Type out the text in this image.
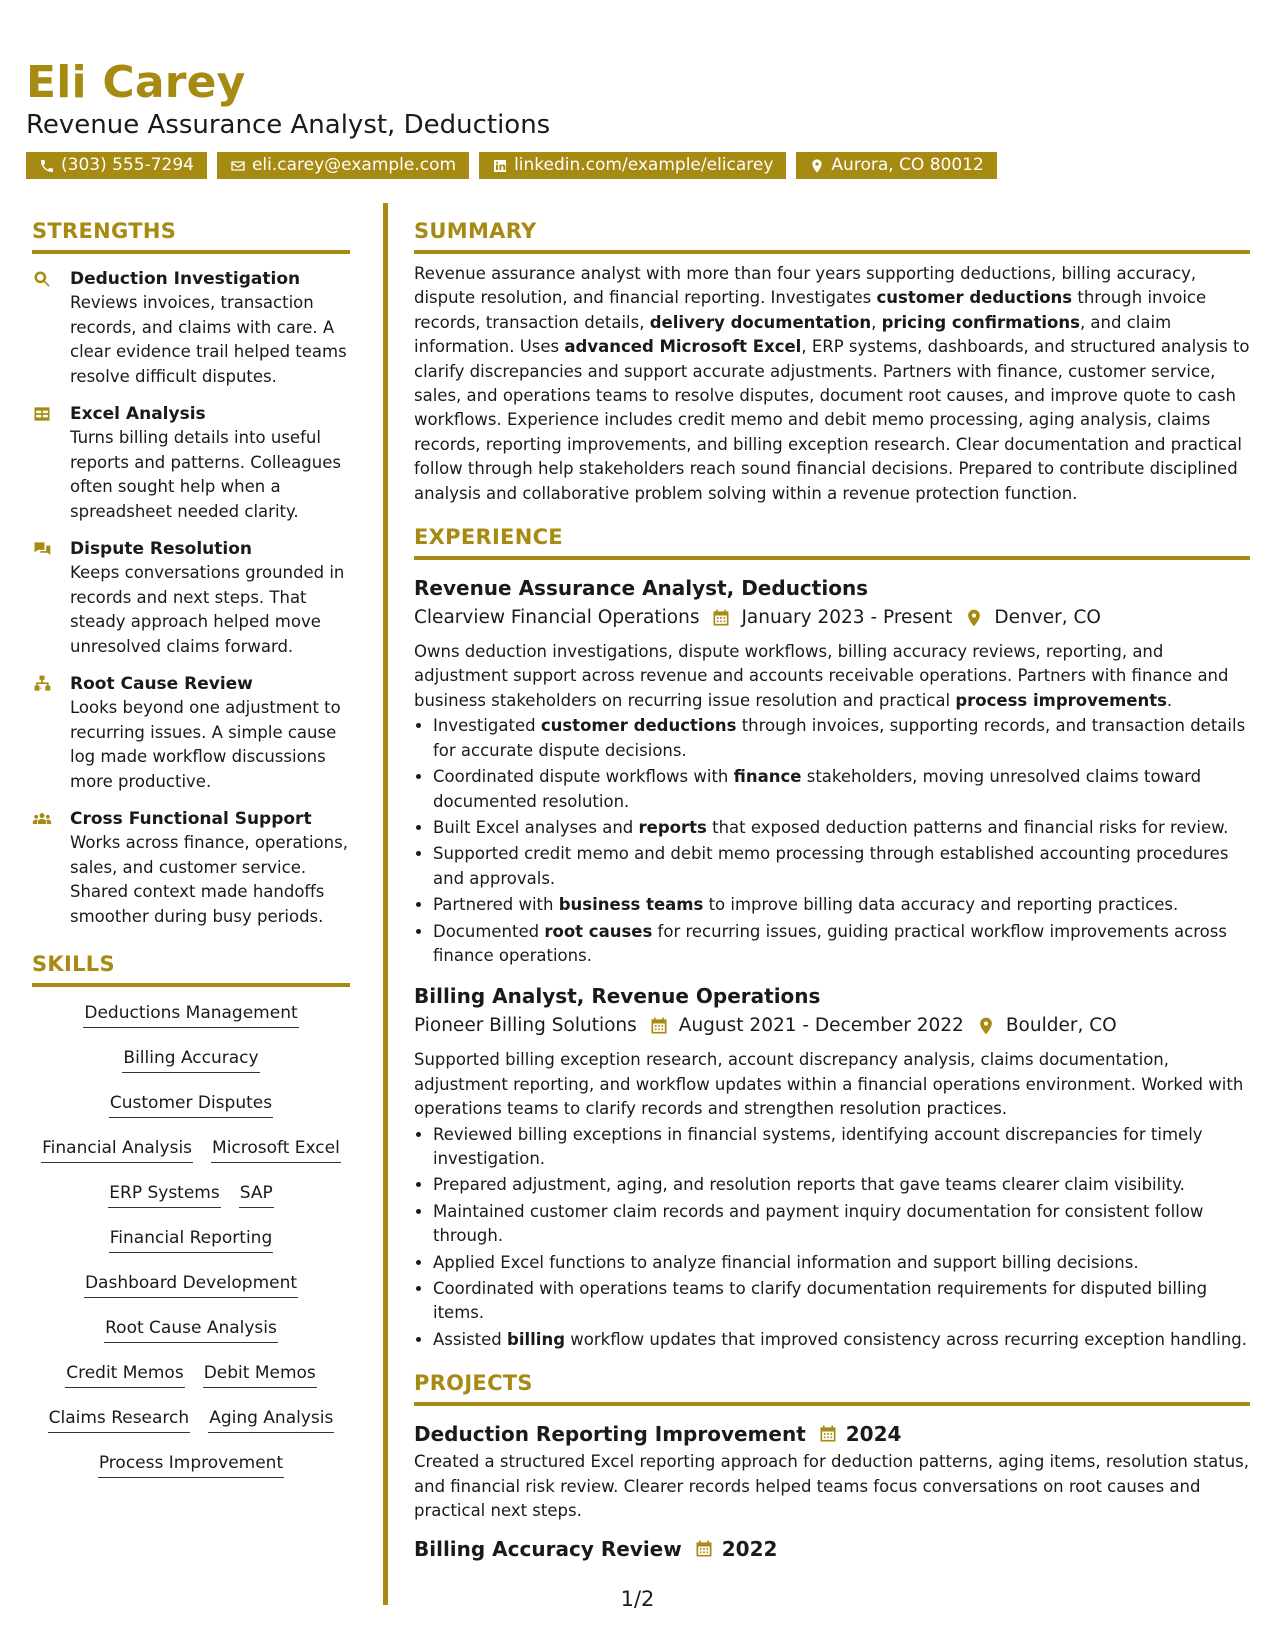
Eli Carey
Revenue Assurance Analyst, Deductions
(303) 555-7294	eli.carey@example.com	linkedin.com/example/elicarey	Aurora, CO 80012
STRENGTHS
Deduction Investigation
Reviews invoices, transaction records, and claims with care. A clear evidence trail helped teams resolve difficult disputes.
Excel Analysis
Turns billing details into useful reports and patterns. Colleagues often sought help when a spreadsheet needed clarity.
Dispute Resolution
Keeps conversations grounded in records and next steps. That steady approach helped move unresolved claims forward.
Root Cause Review
Looks beyond one adjustment to recurring issues. A simple cause log made workflow discussions more productive.
Cross Functional Support
Works across finance, operations, sales, and customer service. Shared context made handoffs smoother during busy periods.
SKILLS
Deductions Management
Billing Accuracy
Customer Disputes
Financial Analysis Microsoft Excel
ERP Systems SAP
Financial Reporting
Dashboard Development
Root Cause Analysis
Credit Memos Debit Memos
Claims Research Aging Analysis
Process Improvement
SUMMARY
Revenue assurance analyst with more than four years supporting deductions, billing accuracy, dispute resolution, and financial reporting. Investigates customer deductions through invoice records, transaction details, delivery documentation, pricing confirmations, and claim information. Uses advanced Microsoft Excel, ERP systems, dashboards, and structured analysis to clarify discrepancies and support accurate adjustments. Partners with finance, customer service, sales, and operations teams to resolve disputes, document root causes, and improve quote to cash workflows. Experience includes credit memo and debit memo processing, aging analysis, claims records, reporting improvements, and billing exception research. Clear documentation and practical follow through help stakeholders reach sound financial decisions. Prepared to contribute disciplined analysis and collaborative problem solving within a revenue protection function.
EXPERIENCE
Revenue Assurance Analyst, Deductions
Clearview Financial Operations January 2023 - Present Denver, CO
Owns deduction investigations, dispute workflows, billing accuracy reviews, reporting, and adjustment support across revenue and accounts receivable operations. Partners with finance and business stakeholders on recurring issue resolution and practical process improvements.
• Investigated customer deductions through invoices, supporting records, and transaction details for accurate dispute decisions.
• Coordinated dispute workflows with finance stakeholders, moving unresolved claims toward documented resolution.
• Built Excel analyses and reports that exposed deduction patterns and financial risks for review.
• Supported credit memo and debit memo processing through established accounting procedures and approvals.
• Partnered with business teams to improve billing data accuracy and reporting practices.
• Documented root causes for recurring issues, guiding practical workflow improvements across finance operations.
Billing Analyst, Revenue Operations
Pioneer Billing Solutions August 2021 - December 2022 Boulder, CO
Supported billing exception research, account discrepancy analysis, claims documentation, adjustment reporting, and workflow updates within a financial operations environment. Worked with operations teams to clarify records and strengthen resolution practices.
• Reviewed billing exceptions in financial systems, identifying account discrepancies for timely investigation.
• Prepared adjustment, aging, and resolution reports that gave teams clearer claim visibility.
• Maintained customer claim records and payment inquiry documentation for consistent follow through.
• Applied Excel functions to analyze financial information and support billing decisions.
• Coordinated with operations teams to clarify documentation requirements for disputed billing items.
• Assisted billing workflow updates that improved consistency across recurring exception handling.
PROJECTS
Deduction Reporting Improvement 2024
Created a structured Excel reporting approach for deduction patterns, aging items, resolution status, and financial risk review. Clearer records helped teams focus conversations on root causes and practical next steps.
Billing Accuracy Review 2022
1/2
